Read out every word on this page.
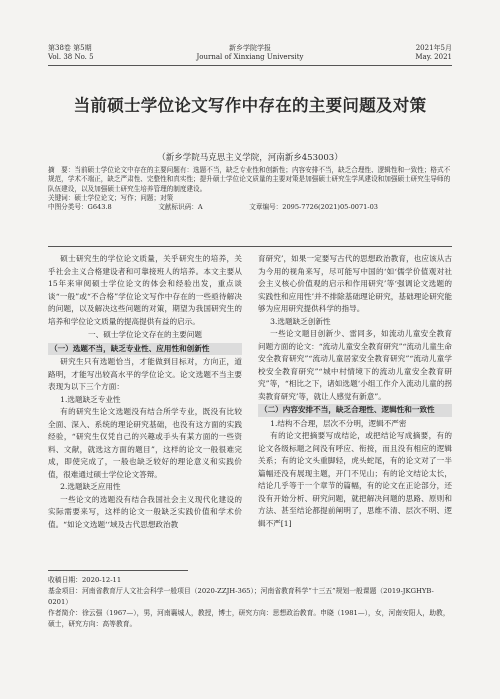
第38卷 第5期
Vol. 38 No. 5
新乡学院学报
Journal of Xinxiang University
2021年5月
May. 2021
当前硕士学位论文写作中存在的主要问题及对策
（新乡学院马克思主义学院，河南新乡453003）

摘　要：当前硕士学位论文中存在的主要问题有：选题不当，缺乏专业性和创新性；内容安排不当，缺乏合理性、逻辑性和一致性；格式不规范，学术不端正，缺乏严肃性、完整性和真实性；提升硕士学位论文质量的主要对策是加强硕士研究生学风建设和加强硕士研究生导师的队伍建设，以及加强硕士研究生培养管理的制度建设。

关键词：硕士学位论文；写作；问题；对策

中图分类号：G643.8	文献标识码：A	文章编号：2095-7726(2021)05-0071-03

硕士研究生的学位论文质量，关乎研究生的培养，关乎社会主义合格建设者和可靠接班人的培养。本文主要从15年来审阅硕士学位论文的体会和经验出发，重点谈谈“一般”或“不合格”学位论文写作中存在的一些亟待解决的问题，以及解决这些问题的对策，期望为我国研究生的培养和学位论文质量的提高提供有益的启示。

一、硕士学位论文存在的主要问题
（一）选题不当，缺乏专业性、应用性和创新性

研究生只有选题恰当，才能做到目标对，方向正，道路明，才能写出较高水平的学位论文。论文选题不当主要表现为以下三个方面：

1.选题缺乏专业性

有的研究生论文选题没有结合所学专业，既没有比较全面、深入、系统的理论研究基础，也没有这方面的实践经验，“研究生仅凭自己的兴趣或手头有某方面的一些资料、文献，就选这方面的题目”，这样的论文一般很难完成，即使完成了，一般也缺乏较好的理论意义和实践价值，很难通过硕士学位论文答辩。

2.选题缺乏应用性

一些论文的选题没有结合我国社会主义现代化建设的实际需要来写，这样的论文一般缺乏实践价值和学术价值。“如论文选题‘‘域及古代思想政治教

育研究’，如果一定要写古代的思想政治教育，也应该从古为今用的视角来写，尽可能写中国的‘如‘儒学价值观对社会主义核心价值观的启示和作用研究’等‘强调论文选题的实践性和应用性’并不排除基础理论研究，基础理论研究能够为应用研究提供科学的指导。

3.选题缺乏创新性

一些论文题目创新少、雷同多，如流动儿童安全教育问题方面的论文：“流动儿童安全教育研究”“流动儿童生命安全教育研究”“流动儿童居家安全教育研究”“流动儿童学校安全教育研究”“城中村情境下的流动儿童安全教育研究”等，“相比之下，诸如选题‘小组工作介入流动儿童的拐卖教育研究’等，就让人感觉有新意”。

（二）内容安排不当，缺乏合理性、逻辑性和一致性
1.结构不合理，层次不分明，逻辑不严密

有的论文把摘要写成结论，或把结论写成摘要，有的论文各级标题之间没有呼应、衔接，而且没有相应的逻辑关系；有的论文头重脚轻，虎头蛇尾，有的论文对了一半篇幅还没有展现主题，开门不见山；有的论文结论太长，结论几乎等于一个章节的篇幅，有的论文在正论部分，还没有开始分析、研究问题，就把解决问题的思路、原则和方法、甚至结论都提前阐明了，思维不清、层次不明、逻辑不严[1]

收稿日期：2020-12-11

基金项目：河南省教育厅人文社会科学一般项目（2020-ZZJH-365）；河南省教育科学“十三五”规划一般课题（2019-JKGHYB-0201）

作者简介：徐云强（1967—），男，河南襄城人，教授，博士，研究方向：思想政治教育。申晓（1981—），女，河南安阳人，助教，硕士，研究方向：高等教育。
